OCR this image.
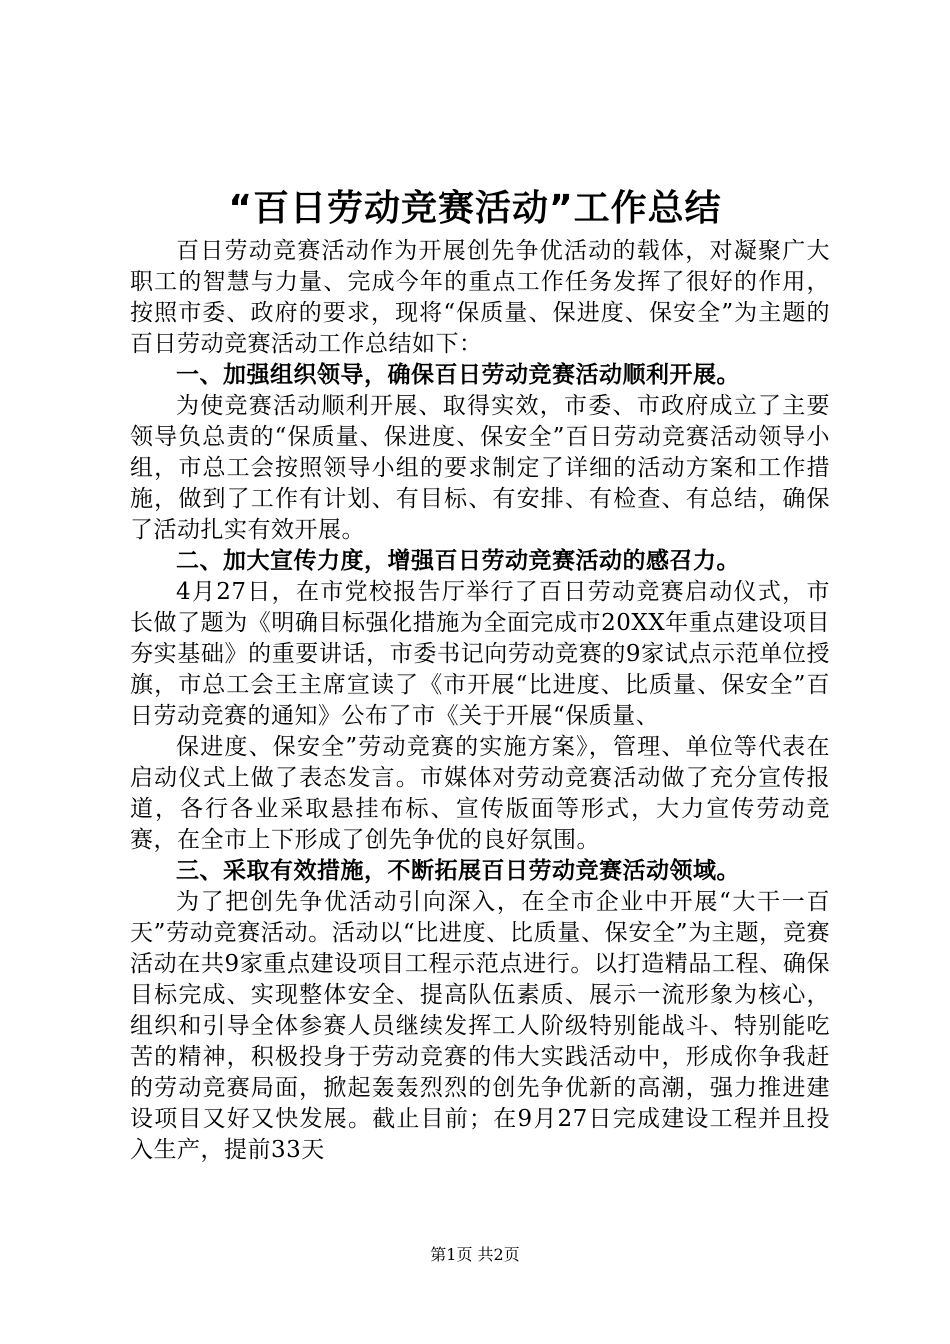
“百日劳动竞赛活动”工作总结

百日劳动竞赛活动作为开展创先争优活动的载体，对凝聚广大职工的智慧与力量、完成今年的重点工作任务发挥了很好的作用，按照市委、政府的要求，现将“保质量、保进度、保安全”为主题的百日劳动竞赛活动工作总结如下：

一、加强组织领导，确保百日劳动竞赛活动顺利开展。

为使竞赛活动顺利开展、取得实效，市委、市政府成立了主要领导负总责的“保质量、保进度、保安全”百日劳动竞赛活动领导小组，市总工会按照领导小组的要求制定了详细的活动方案和工作措施，做到了工作有计划、有目标、有安排、有检查、有总结，确保了活动扎实有效开展。

二、加大宣传力度，增强百日劳动竞赛活动的感召力。

4月27日，在市党校报告厅举行了百日劳动竞赛启动仪式，市长做了题为《明确目标强化措施为全面完成市20XX年重点建设项目夯实基础》的重要讲话，市委书记向劳动竞赛的9家试点示范单位授旗，市总工会王主席宣读了《市开展“比进度、比质量、保安全”百日劳动竞赛的通知》公布了市《关于开展“保质量、

保进度、保安全”劳动竞赛的实施方案》，管理、单位等代表在启动仪式上做了表态发言。市媒体对劳动竞赛活动做了充分宣传报道，各行各业采取悬挂布标、宣传版面等形式，大力宣传劳动竞赛，在全市上下形成了创先争优的良好氛围。

三、采取有效措施，不断拓展百日劳动竞赛活动领域。

为了把创先争优活动引向深入，在全市企业中开展“大干一百天”劳动竞赛活动。活动以“比进度、比质量、保安全”为主题，竞赛活动在共9家重点建设项目工程示范点进行。以打造精品工程、确保目标完成、实现整体安全、提高队伍素质、展示一流形象为核心，组织和引导全体参赛人员继续发挥工人阶级特别能战斗、特别能吃苦的精神，积极投身于劳动竞赛的伟大实践活动中，形成你争我赶的劳动竞赛局面，掀起轰轰烈烈的创先争优新的高潮，强力推进建设项目又好又快发展。截止目前；在9月27日完成建设工程并且投入生产，提前33天

第1页 共2页
